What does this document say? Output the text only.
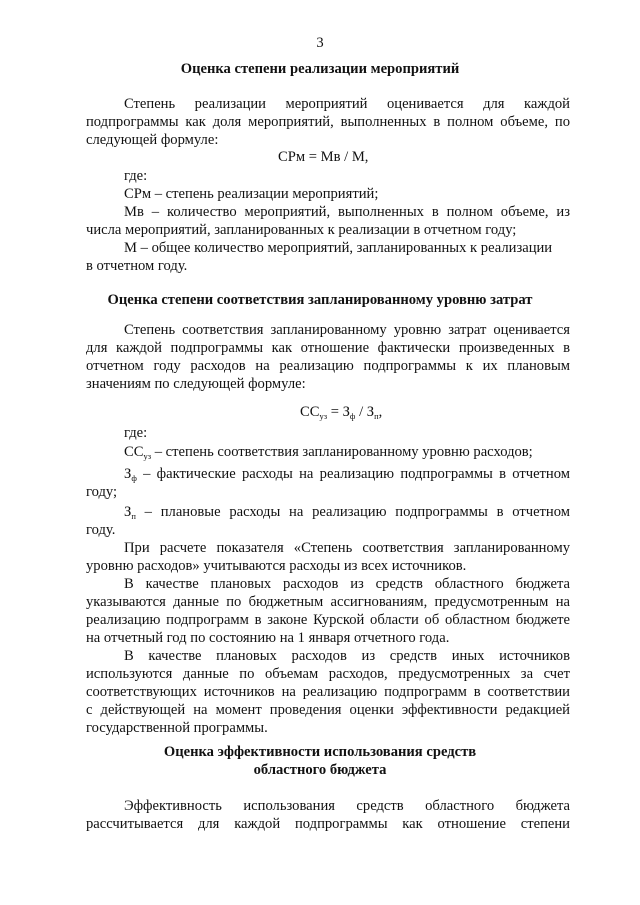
3
Оценка степени реализации мероприятий
Степень реализации мероприятий оценивается для каждой
подпрограммы как доля мероприятий, выполненных в полном объеме, по
следующей формуле:
СРм = Мв / М,
где:
СРм – степень реализации мероприятий;
Мв – количество мероприятий, выполненных в полном объеме, из
числа мероприятий, запланированных к реализации в отчетном году;
М – общее количество мероприятий, запланированных к реализации
в отчетном году.
Оценка степени соответствия запланированному уровню затрат
Степень соответствия запланированному уровню затрат оценивается
для каждой подпрограммы как отношение фактически произведенных в
отчетном году расходов на реализацию подпрограммы к их плановым
значениям по следующей формуле:
$СС_{уз} = З_ф / З_п$,
где:
$СС_{уз}$ – степень соответствия запланированному уровню расходов;
$З_ф$ – фактические расходы на реализацию подпрограммы в отчетном
году;
$З_п$ – плановые расходы на реализацию подпрограммы в отчетном
году.
При расчете показателя «Степень соответствия запланированному
уровню расходов» учитываются расходы из всех источников.
В качестве плановых расходов из средств областного бюджета
указываются данные по бюджетным ассигнованиям, предусмотренным на
реализацию подпрограмм в законе Курской области об областном бюджете
на отчетный год по состоянию на 1 января отчетного года.
В качестве плановых расходов из средств иных источников
используются данные по объемам расходов, предусмотренных за счет
соответствующих источников на реализацию подпрограмм в соответствии
с действующей на момент проведения оценки эффективности редакцией
государственной программы.
Оценка эффективности использования средств
областного бюджета
Эффективность использования средств областного бюджета
рассчитывается для каждой подпрограммы как отношение степени
